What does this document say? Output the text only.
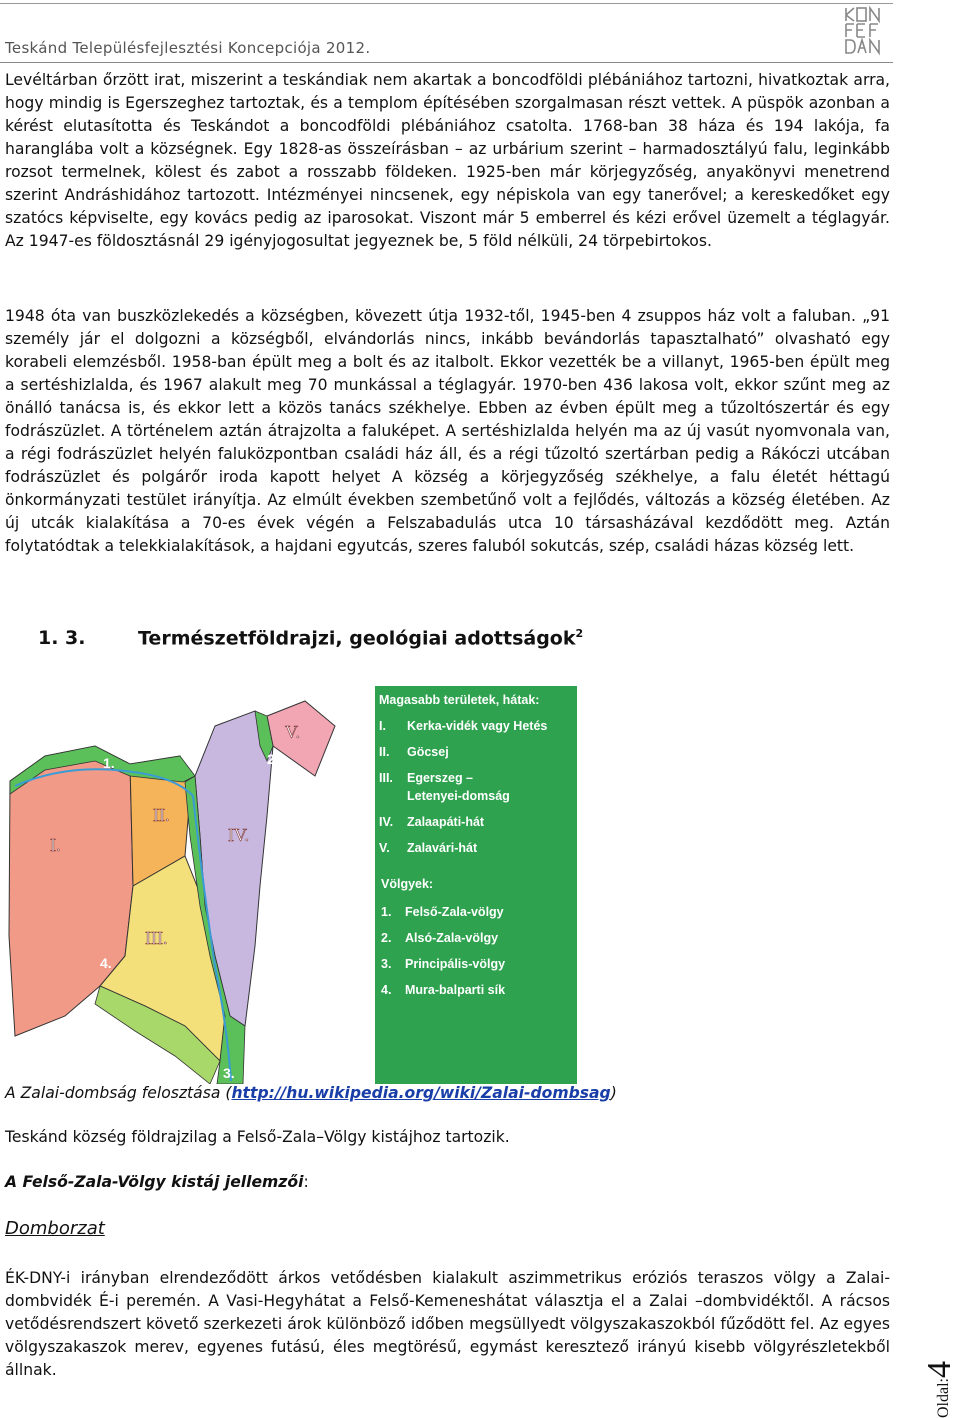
Teskánd Településfejlesztési Koncepciója 2012.
Levéltárban őrzött irat, miszerint a teskándiak nem akartak a boncodföldi plébániához tartozni, hivatkoztak arra, hogy mindig is Egerszeghez tartoztak, és a templom építésében szorgalmasan részt vettek. A püspök azonban a kérést elutasította és Teskándot a boncodföldi plébániához csatolta. 1768-ban 38 háza és 194 lakója, fa haranglába volt a községnek. Egy 1828-as összeírásban – az urbárium szerint – harmadosztályú falu, leginkább rozsot termelnek, kölest és zabot a rosszabb földeken. 1925-ben már körjegyzőség, anyakönyvi menetrend szerint Andráshidához tartozott. Intézményei nincsenek, egy népiskola van egy tanerővel; a kereskedőket egy szatócs képviselte, egy kovács pedig az iparosokat. Viszont már 5 emberrel és kézi erővel üzemelt a téglagyár. Az 1947-es földosztásnál 29 igényjogosultat jegyeznek be, 5 föld nélküli, 24 törpebirtokos.
1948 óta van buszközlekedés a községben, kövezett útja 1932-től, 1945-ben 4 zsuppos ház volt a faluban. „91 személy jár el dolgozni a községből, elvándorlás nincs, inkább bevándorlás tapasztalható” olvasható egy korabeli elemzésből. 1958-ban épült meg a bolt és az italbolt. Ekkor vezették be a villanyt, 1965-ben épült meg a sertéshizlalda, és 1967 alakult meg 70 munkással a téglagyár. 1970-ben 436 lakosa volt, ekkor szűnt meg az önálló tanácsa is, és ekkor lett a közös tanács székhelye. Ebben az évben épült meg a tűzoltószertár és egy fodrászüzlet. A történelem aztán átrajzolta a faluképet. A sertéshizlalda helyén ma az új vasút nyomvonala van, a régi fodrászüzlet helyén faluközpontban családi ház áll, és a régi tűzoltó szertárban pedig a Rákóczi utcában fodrászüzlet és polgárőr iroda kapott helyet A község a körjegyzőség székhelye, a falu életét héttagú önkormányzati testület irányítja. Az elmúlt években szembetűnő volt a fejlődés, változás a község életében. Az új utcák kialakítása a 70-es évek végén a Felszabadulás utca 10 társasházával kezdődött meg. Aztán folytatódtak a telekkialakítások, a hajdani egyutcás, szeres faluból sokutcás, szép, családi házas község lett.
1. 3.	Természetföldrajzi, geológiai adottságok$^2$
I.
II.
III.
IV.
V.
1.	2.
3.
4.
Magasabb területek, hátak:
I. Kerka-vidék vagy Hetés
II. Göcsej
III. Egerszeg –
Letenyei-domság
IV. Zalaapáti-hát
V. Zalavári-hát
Völgyek:
1. Felső-Zala-völgy
2. Alsó-Zala-völgy
3. Principális-völgy
4. Mura-balparti sík
A Zalai-dombság felosztása (http://hu.wikipedia.org/wiki/Zalai-dombsag)
Teskánd község földrajzilag a Felső-Zala–Völgy kistájhoz tartozik.
A Felső-Zala-Völgy kistáj jellemzői:
Domborzat
ÉK-DNY-i irányban elrendeződött árkos vetődésben kialakult aszimmetrikus eróziós teraszos völgy a Zalai-dombvidék É-i peremén. A Vasi-Hegyhátat a Felső-Kemeneshátat választja el a Zalai –dombvidéktől. A rácsos vetődésrendszert követő szerkezeti árok különböző időben megsüllyedt völgyszakaszokból fűződött fel. Az egyes völgyszakaszok merev, egyenes futású, éles megtörésű, egymást keresztező irányú kisebb völgyrészletekből állnak.
Oldal:
4
